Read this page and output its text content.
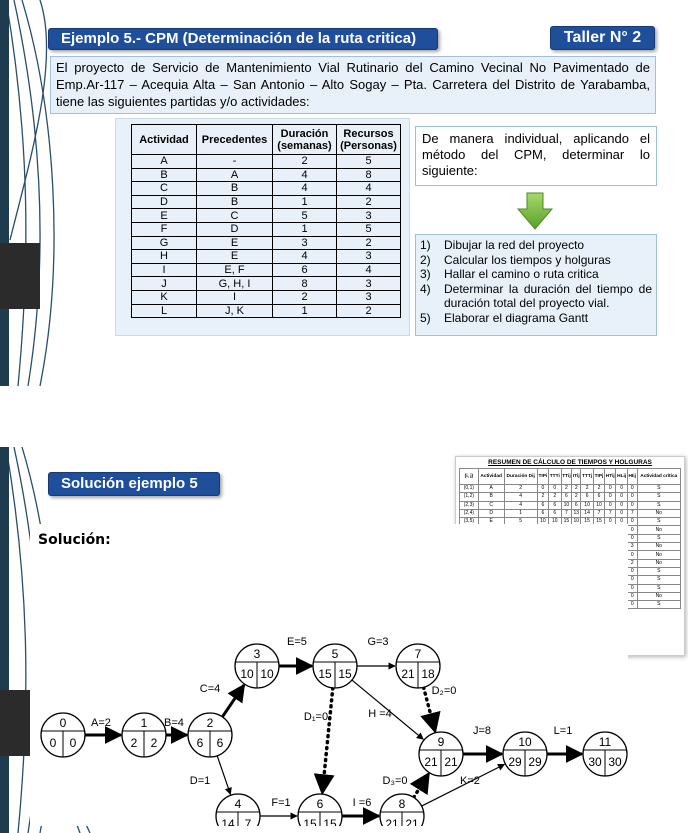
Ejemplo 5.- CPM (Determinación de la ruta critica)	Taller N° 2
El proyecto de Servicio de Mantenimiento Vial Rutinario del Camino Vecinal No Pavimentado de Emp.Ar-117 – Acequia Alta – San Antonio – Alto Sogay – Pta. Carretera del Distrito de Yarabamba, tiene las siguientes partidas y/o actividades:
Actividad	Precedentes	Duración (semanas)	Recursos (Personas)
A	-	2	5
B	A	4	8
C	B	4	4
D	B	1	2
E	C	5	3
F	D	1	5
G	E	3	2
H	E	4	3
I	E, F	6	4
J	G, H, I	8	3
K	I	2	3
L	J, K	1	2
De manera individual, aplicando el método del CPM, determinar lo siguiente:
1)	Dibujar la red del proyecto
2)	Calcular los tiempos y holguras
3)	Hallar el camino o ruta critica
4)	Determinar la duración del tiempo de duración total del proyecto vial.
5)	Elaborar el diagrama Gantt
Solución ejemplo 5
RESUMEN DE CÁLCULO DE TIEMPOS Y HOLGURAS
(i, j)	Actividad	Duración Dij	TIPi	TTTi	TTij	ITij	TTTj	TIPj	HTij	HLij	HIij	Actividad crítica
(0,1)	A	2	0	0	2	2	2	2	0	0	0	S
(1,2)	B	4	2	2	6	2	6	6	0	0	0	S
(2,3)	C	4	6	6	10	6	10	10	0	0	0	S
(2,4)	D	1	6	6	7	13	14	7	7	0	7	No
(3,5)	E	5	10	10	15	10	15	15	0	0	0	S
											0	No
											0	S
											3	No
											0	No
											2	No
											0	S
											0	S
											0	S
											0	No
											0	S
Solución:
A=2	B=4
C=4
D=1
E=5
F=1
G=3
H =4
D₁=0
D₂=0
I =6
D₃=0	K=2
J=8	L=1
0
0 0
1
2 2
2
6 6
3
10 10
4
14 7
5
15 15
6
15 15
7
21 18
8
21 21
9
21 21
10
29 29
11
30 30
